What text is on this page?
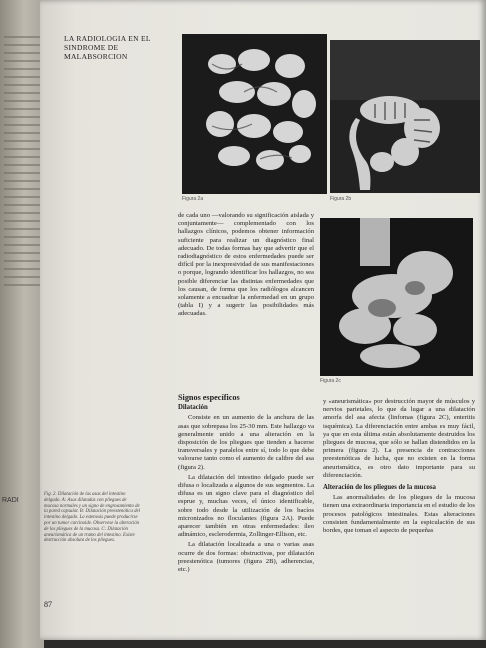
RADI
LA RADIOLOGIA EN EL SINDROME DE MALABSORCION
Figura 2a	Figura 2b
Figura 2c

de cada uno —valorando su significación aislada y conjuntamente— complementado con los hallazgos clínicos, podemos obtener información suficiente para realizar un diagnóstico final adecuado. De todas formas hay que advertir que el radiodiagnóstico de estos enfermedades puede ser difícil por la inexpresividad de sus manifestaciones o porque, logrando identificar los hallazgos, no sea posible diferenciar las distintas enfermedades que los causan, de forma que los radiólogos alcancen solamente a encuadrar la enfermedad en un grupo (tabla I) y a sugerir las posibilidades más adecuadas.

Signos específicos

Dilatación

Consiste en un aumento de la anchura de las asas que sobrepasa los 25-30 mm. Este hallazgo va generalmente unido a una alteración en la disposición de los pliegues que tienden a hacerse transversales y paralelos entre sí, todo lo que debe valorarse tanto como el aumento de calibre del asa (figura 2).

La dilatación del intestino delgado puede ser difusa o localizada a algunos de sus segmentos. La difusa es un signo clave para el diagnóstico del esprue y, muchas veces, el único identificable, sobre todo desde la utilización de los bacíos micronizados no floculantes (figura 2A). Puede aparecer también en otras enfermedades: íleo adinámico, esclerodermia, Zollinger-Ellison, etc.

La dilatación localizada a una o varias asas ocurre de dos formas: obstructivas, por dilatación preestenótica (tumores (figura 2B), adherencias, etc.)

y «aneurismática» por destrucción mayor de músculos y nervios parietales, lo que da lugar a una dilatación amorfa del asa afecta (linfomas (figura 2C), enteritis isquémica). La diferenciación entre ambas es muy fácil, ya que en esta última están absolutamente destruidos los pliegues de mucosa, que sólo se hallan distendidos en la primera (figura 2). La presencia de contracciones preestenóticas de lucha, que no existen en la forma aneurismática, es otro dato importante para su diferenciación.

Alteración de los pliegues de la mucosa

Las anormalidades de los pliegues de la mucosa tienen una extraordinaria importancia en el estudio de los procesos patológicos intestinales. Estas alteraciones consisten fundamentalmente en la espiculación de sus bordes, que toman el aspecto de pequeñas

Fig. 2. Dilatación de las asas del intestino delgado. A: Asas dilatadas con pliegues de mucosa normales y un signo de engrosamiento de la pared capsular. B: Dilatación preestenótica del intestino delgado. La estenosis puede producirse por un tumor carcinoide. Observese la alteración de los pliegues de la mucosa. C: Dilatación aneurismática de un tramo del intestino. Existe destrucción absoluta de los pliegues.
87
